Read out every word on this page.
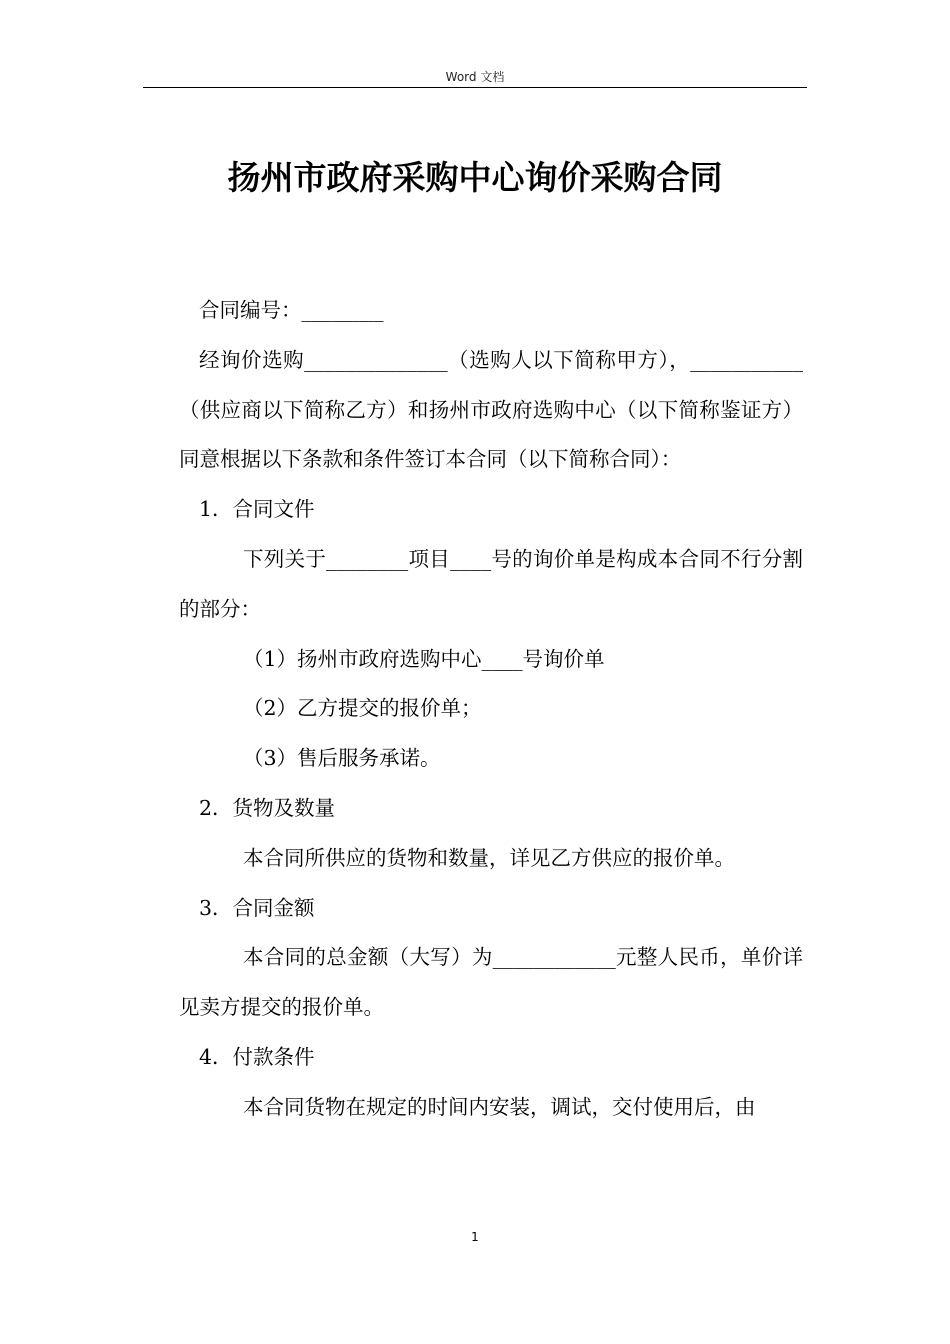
Word 文档
扬州市政府采购中心询价采购合同

合同编号：________

经询价选购______________（选购人以下简称甲方），___________（供应商以下简称乙方）和扬州市政府选购中心（以下简称鉴证方）同意根据以下条款和条件签订本合同（以下简称合同）：

1．合同文件

下列关于________项目____号的询价单是构成本合同不行分割的部分：

（1）扬州市政府选购中心____号询价单

（2）乙方提交的报价单；

（3）售后服务承诺。

2．货物及数量

本合同所供应的货物和数量，详见乙方供应的报价单。

3．合同金额

本合同的总金额（大写）为____________元整人民币，单价详见卖方提交的报价单。

4．付款条件

本合同货物在规定的时间内安装，调试，交付使用后，由

1
